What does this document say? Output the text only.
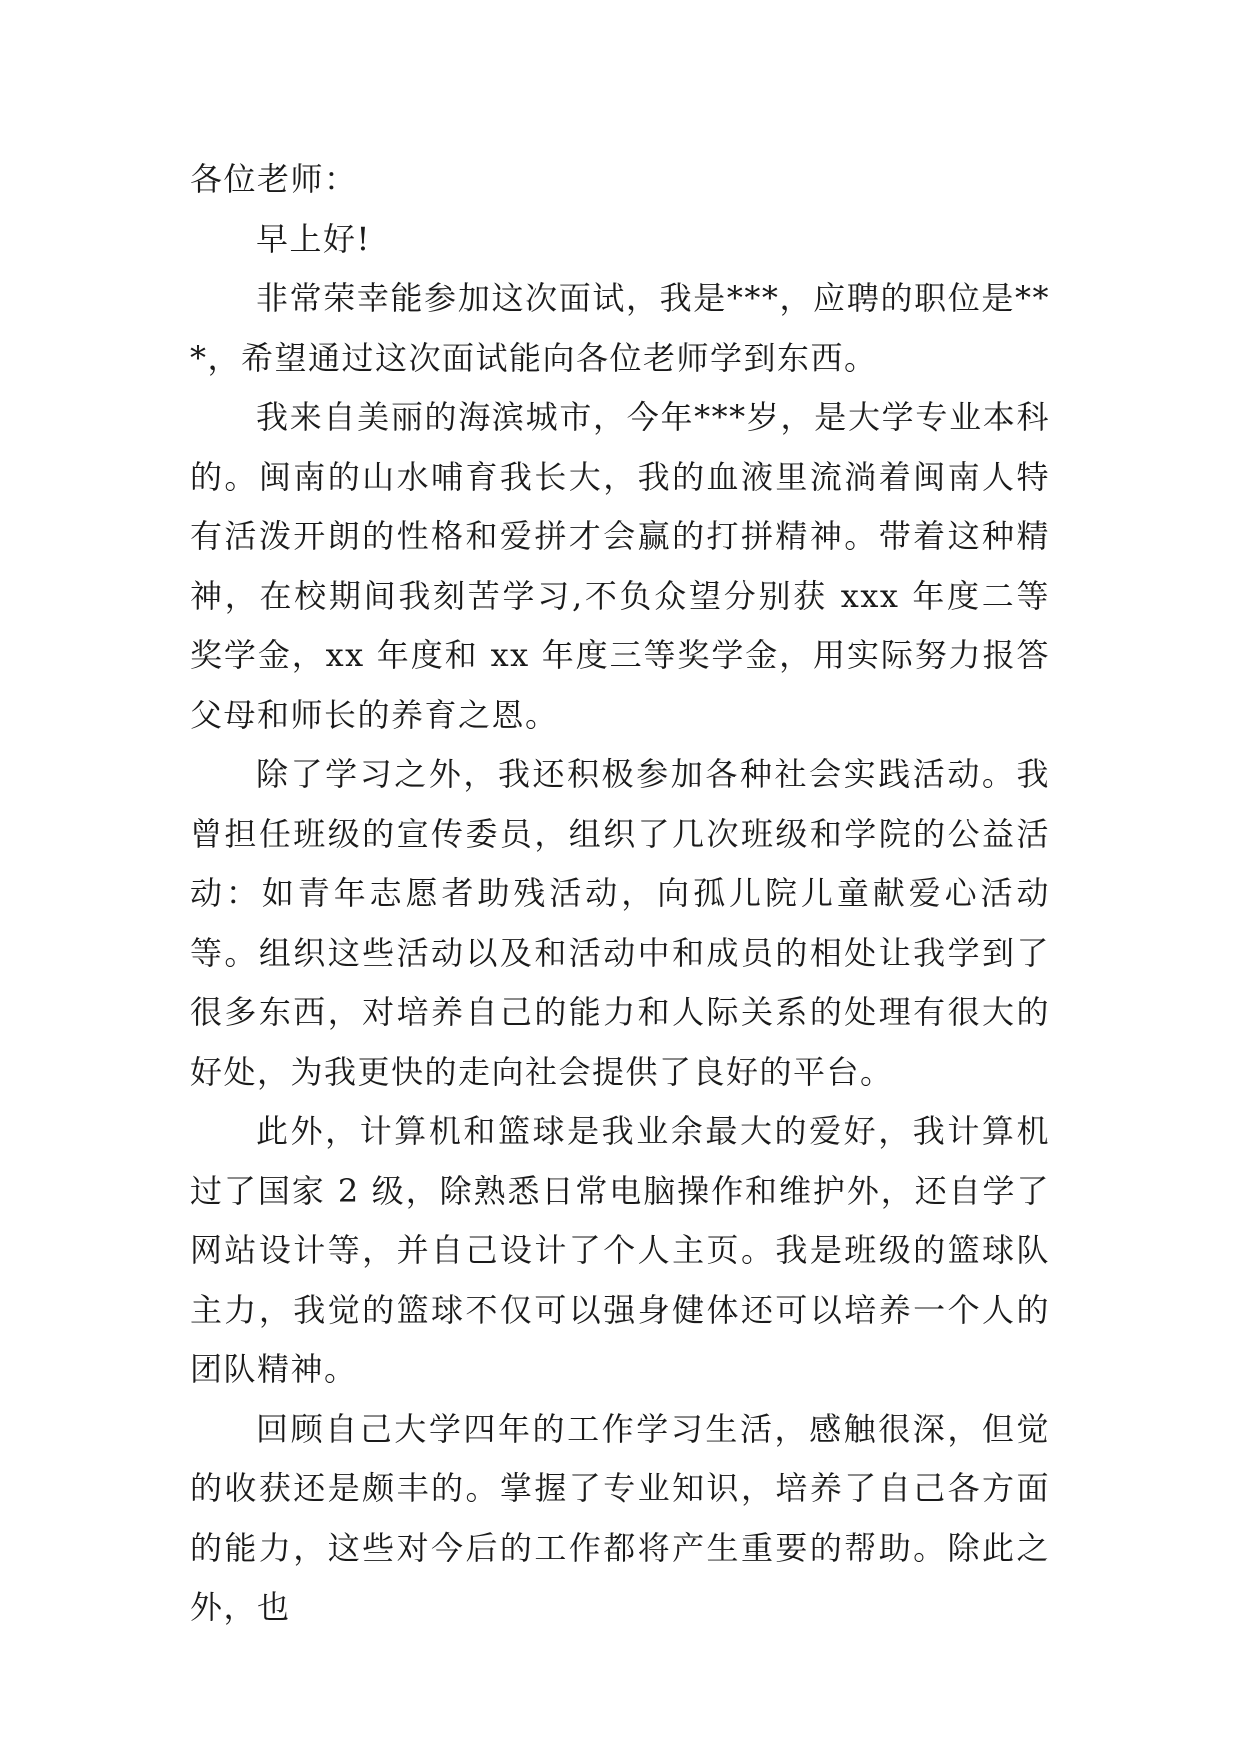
各位老师：

早上好!

非常荣幸能参加这次面试，我是***，应聘的职位是***，希望通过这次面试能向各位老师学到东西。

我来自美丽的海滨城市，今年***岁，是大学专业本科的。闽南的山水哺育我长大，我的血液里流淌着闽南人特有活泼开朗的性格和爱拼才会赢的打拼精神。带着这种精神，在校期间我刻苦学习,不负众望分别获 xxx 年度二等奖学金，xx 年度和 xx 年度三等奖学金，用实际努力报答父母和师长的养育之恩。

除了学习之外，我还积极参加各种社会实践活动。我曾担任班级的宣传委员，组织了几次班级和学院的公益活动：如青年志愿者助残活动，向孤儿院儿童献爱心活动等。组织这些活动以及和活动中和成员的相处让我学到了很多东西，对培养自己的能力和人际关系的处理有很大的好处，为我更快的走向社会提供了良好的平台。

此外，计算机和篮球是我业余最大的爱好，我计算机过了国家 2 级，除熟悉日常电脑操作和维护外，还自学了网站设计等，并自己设计了个人主页。我是班级的篮球队主力，我觉的篮球不仅可以强身健体还可以培养一个人的团队精神。

回顾自己大学四年的工作学习生活，感触很深，但觉的收获还是颇丰的。掌握了专业知识，培养了自己各方面的能力，这些对今后的工作都将产生重要的帮助。除此之外，也
